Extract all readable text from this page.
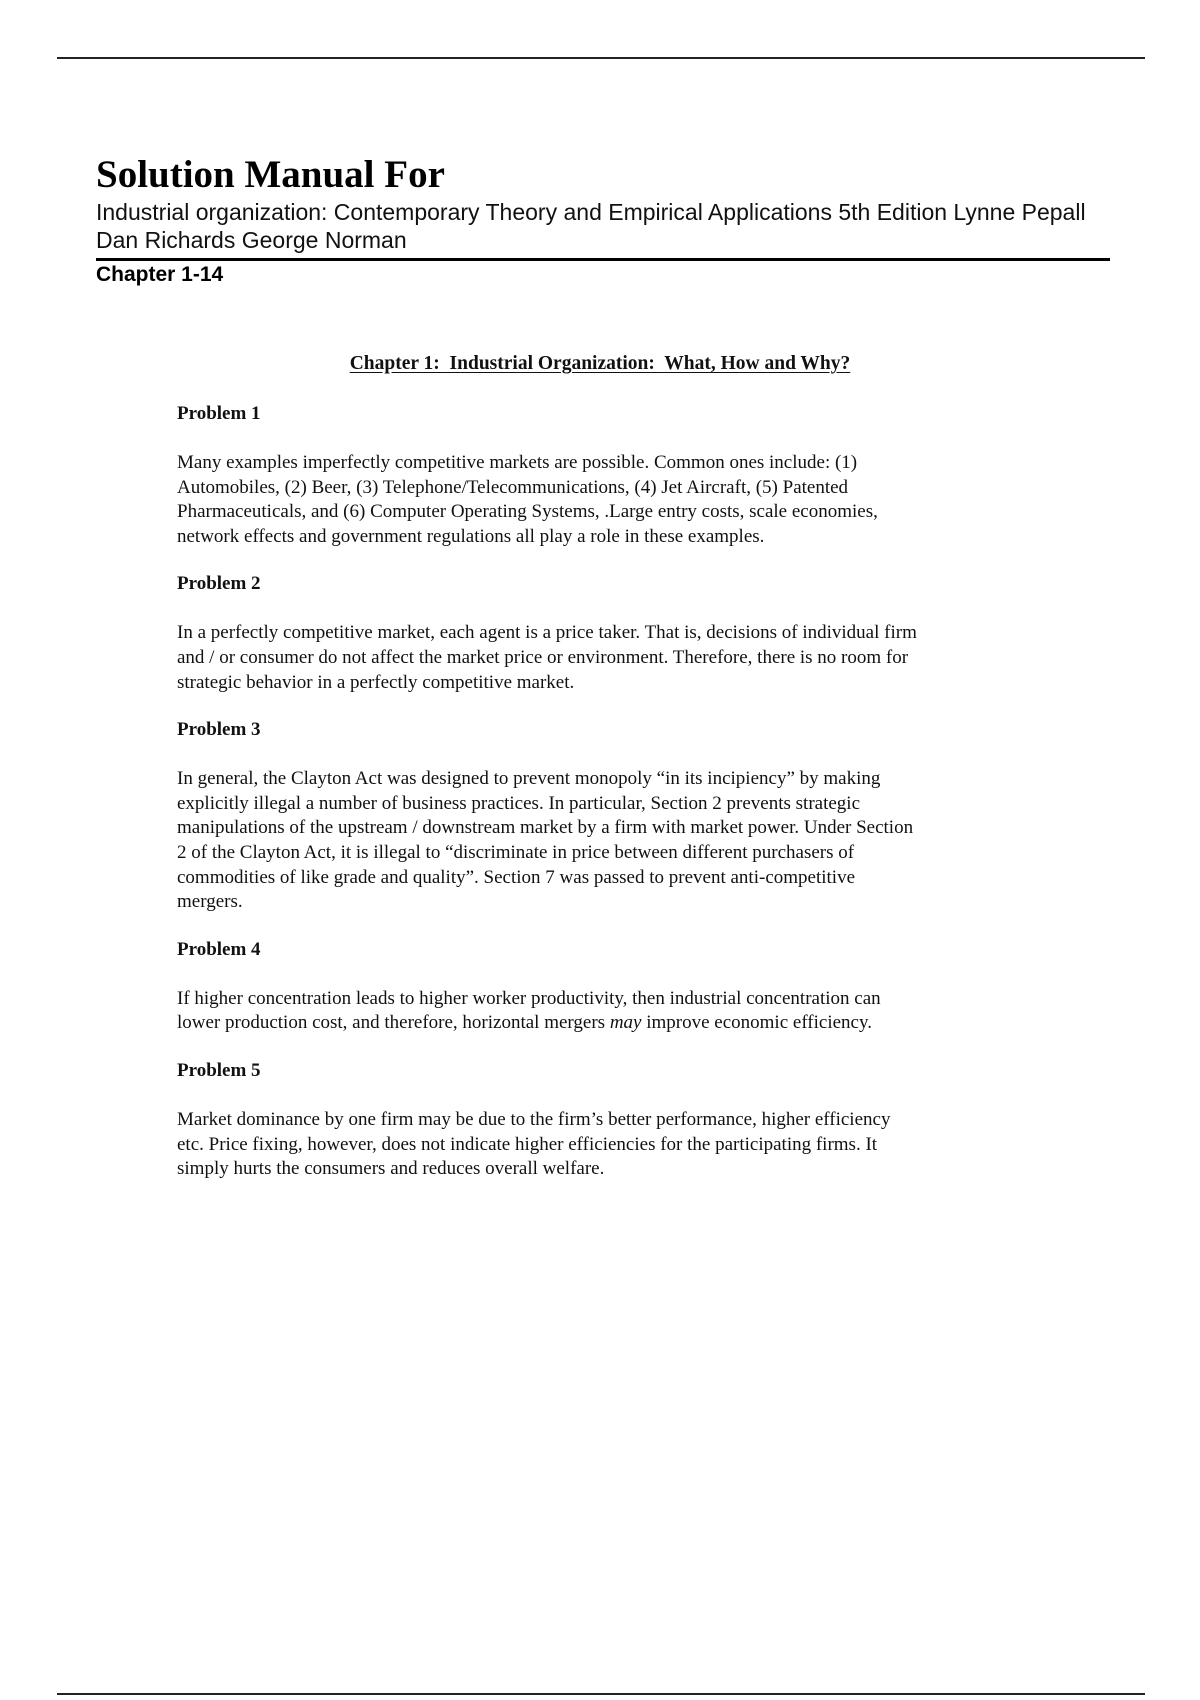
Solution Manual For

Industrial organization: Contemporary Theory and Empirical Applications 5th Edition Lynne Pepall Dan Richards George Norman

Chapter 1-14

Chapter 1:  Industrial Organization:  What, How and Why?

Problem 1

Many examples imperfectly competitive markets are possible. Common ones include: (1)
Automobiles, (2) Beer, (3) Telephone/Telecommunications, (4) Jet Aircraft, (5) Patented
Pharmaceuticals, and (6) Computer Operating Systems, .Large entry costs, scale economies,
network effects and government regulations all play a role in these examples.

Problem 2

In a perfectly competitive market, each agent is a price taker. That is, decisions of individual firm
and / or consumer do not affect the market price or environment. Therefore, there is no room for
strategic behavior in a perfectly competitive market.

Problem 3

In general, the Clayton Act was designed to prevent monopoly “in its incipiency” by making
explicitly illegal a number of business practices. In particular, Section 2 prevents strategic
manipulations of the upstream / downstream market by a firm with market power. Under Section
2 of the Clayton Act, it is illegal to “discriminate in price between different purchasers of
commodities of like grade and quality”. Section 7 was passed to prevent anti-competitive
mergers.

Problem 4

If higher concentration leads to higher worker productivity, then industrial concentration can
lower production cost, and therefore, horizontal mergers may improve economic efficiency.

Problem 5

Market dominance by one firm may be due to the firm’s better performance, higher efficiency
etc. Price fixing, however, does not indicate higher efficiencies for the participating firms. It
simply hurts the consumers and reduces overall welfare.
